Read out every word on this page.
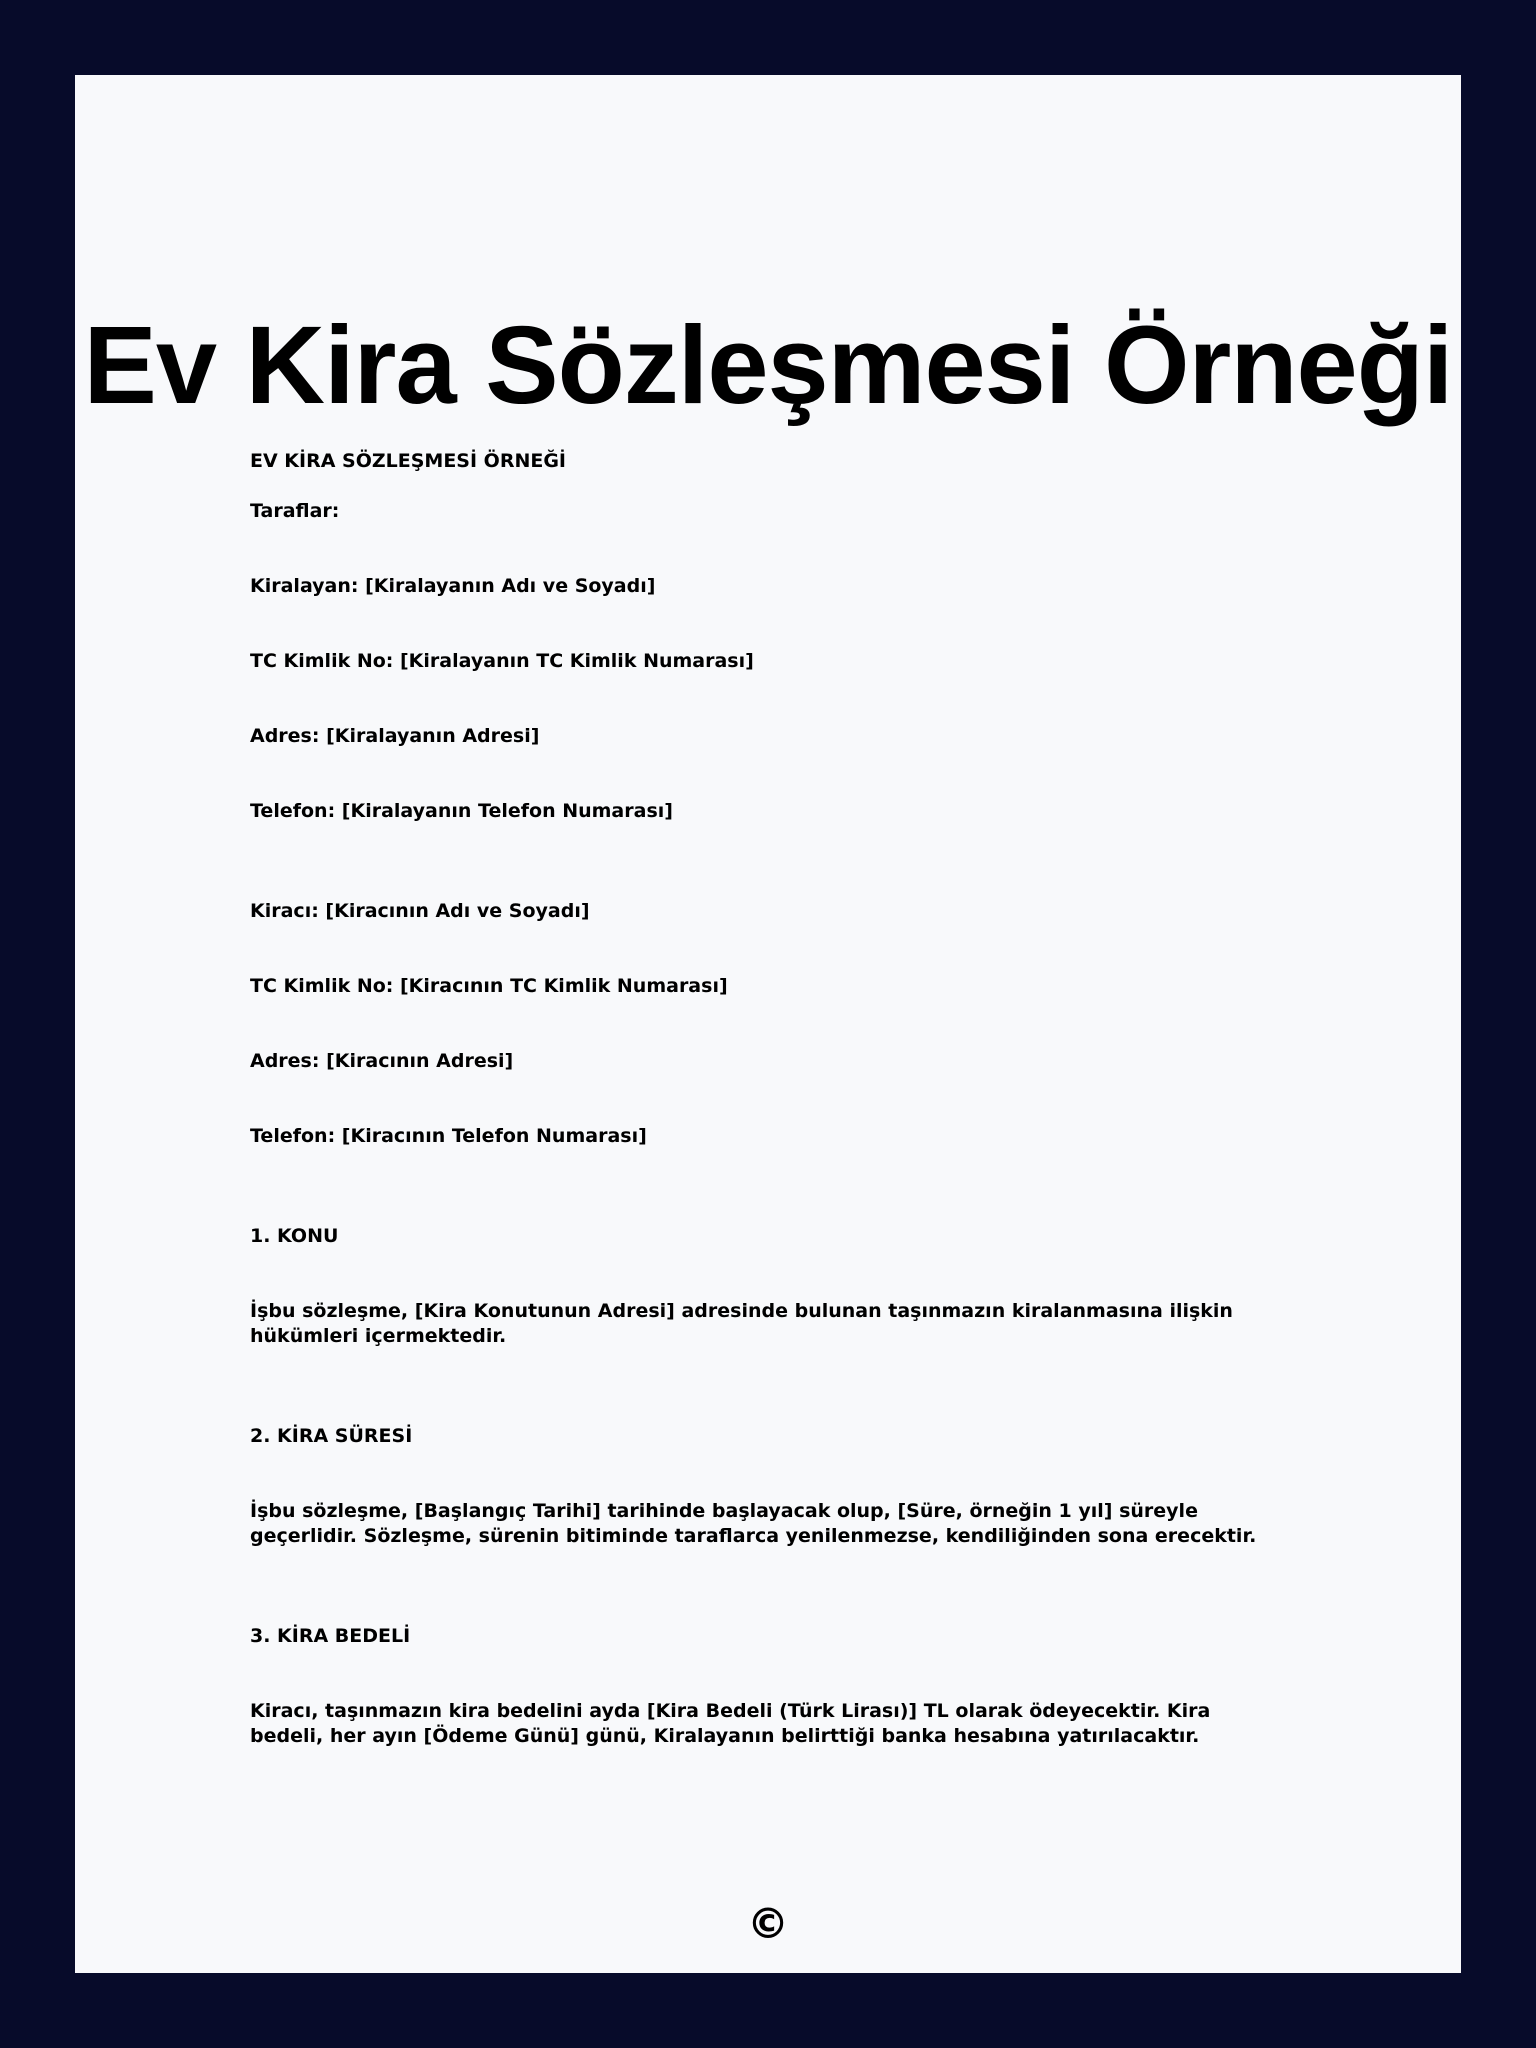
Ev Kira Sözleşmesi Örneği
EV KİRA SÖZLEŞMESİ ÖRNEĞİ
Taraflar:
Kiralayan: [Kiralayanın Adı ve Soyadı]
TC Kimlik No: [Kiralayanın TC Kimlik Numarası]
Adres: [Kiralayanın Adresi]
Telefon: [Kiralayanın Telefon Numarası]
Kiracı: [Kiracının Adı ve Soyadı]
TC Kimlik No: [Kiracının TC Kimlik Numarası]
Adres: [Kiracının Adresi]
Telefon: [Kiracının Telefon Numarası]
1. KONU
İşbu sözleşme, [Kira Konutunun Adresi] adresinde bulunan taşınmazın kiralanmasına ilişkin hükümleri içermektedir.
2. KİRA SÜRESİ
İşbu sözleşme, [Başlangıç Tarihi] tarihinde başlayacak olup, [Süre, örneğin 1 yıl] süreyle geçerlidir. Sözleşme, sürenin bitiminde taraflarca yenilenmezse, kendiliğinden sona erecektir.
3. KİRA BEDELİ
Kiracı, taşınmazın kira bedelini ayda [Kira Bedeli (Türk Lirası)] TL olarak ödeyecektir. Kira bedeli, her ayın [Ödeme Günü] günü, Kiralayanın belirttiği banka hesabına yatırılacaktır.
©
